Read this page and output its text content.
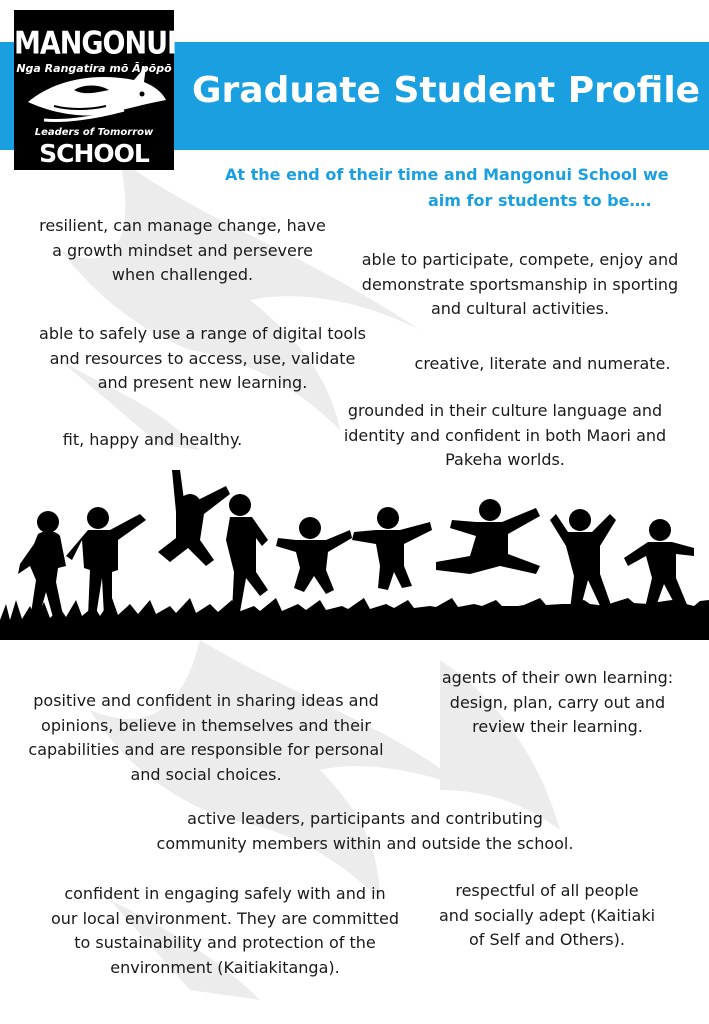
Graduate Student Profile
MANGONUI
Nga Rangatira mō Āpōpō
Leaders of Tomorrow
SCHOOL
At the end of their time and Mangonui School we
aim for students to be….
resilient, can manage change, have
a growth mindset and persevere
when challenged.
able to participate, compete, enjoy and
demonstrate sportsmanship in sporting
and cultural activities.
able to safely use a range of digital tools
and resources to access, use, validate
and present new learning.
creative, literate and numerate.
grounded in their culture language and
identity and confident in both Maori and
Pakeha worlds.
fit, happy and healthy.
agents of their own learning:
design, plan, carry out and
review their learning.
positive and confident in sharing ideas and
opinions, believe in themselves and their
capabilities and are responsible for personal
and social choices.
active leaders, participants and contributing
community members within and outside the school.
confident in engaging safely with and in
our local environment. They are committed
to sustainability and protection of the
environment (Kaitiakitanga).
respectful of all people
and socially adept (Kaitiaki
of Self and Others).
